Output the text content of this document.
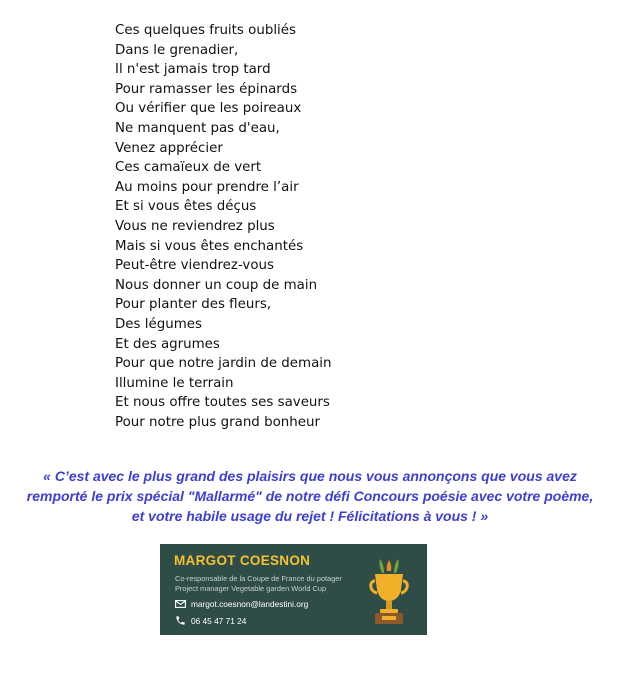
Ces quelques fruits oubliés
Dans le grenadier,
Il n'est jamais trop tard
Pour ramasser les épinards
Ou vérifier que les poireaux
Ne manquent pas d'eau,
Venez apprécier
Ces camaïeux de vert
Au moins pour prendre l’air
Et si vous êtes déçus
Vous ne reviendrez plus
Mais si vous êtes enchantés
Peut-être viendrez-vous
Nous donner un coup de main
Pour planter des fleurs,
Des légumes
Et des agrumes
Pour que notre jardin de demain
Illumine le terrain
Et nous offre toutes ses saveurs
Pour notre plus grand bonheur

« C’est avec le plus grand des plaisirs que nous vous annonçons que vous avez remporté le prix spécial "Mallarmé" de notre défi Concours poésie avec votre poème, et votre habile usage du rejet ! Félicitations à vous ! »

MARGOT COESNON
Co-responsable de la Coupe de France du potager
Project manager Vegetable garden World Cup
margot.coesnon@landestini.org
06 45 47 71 24
